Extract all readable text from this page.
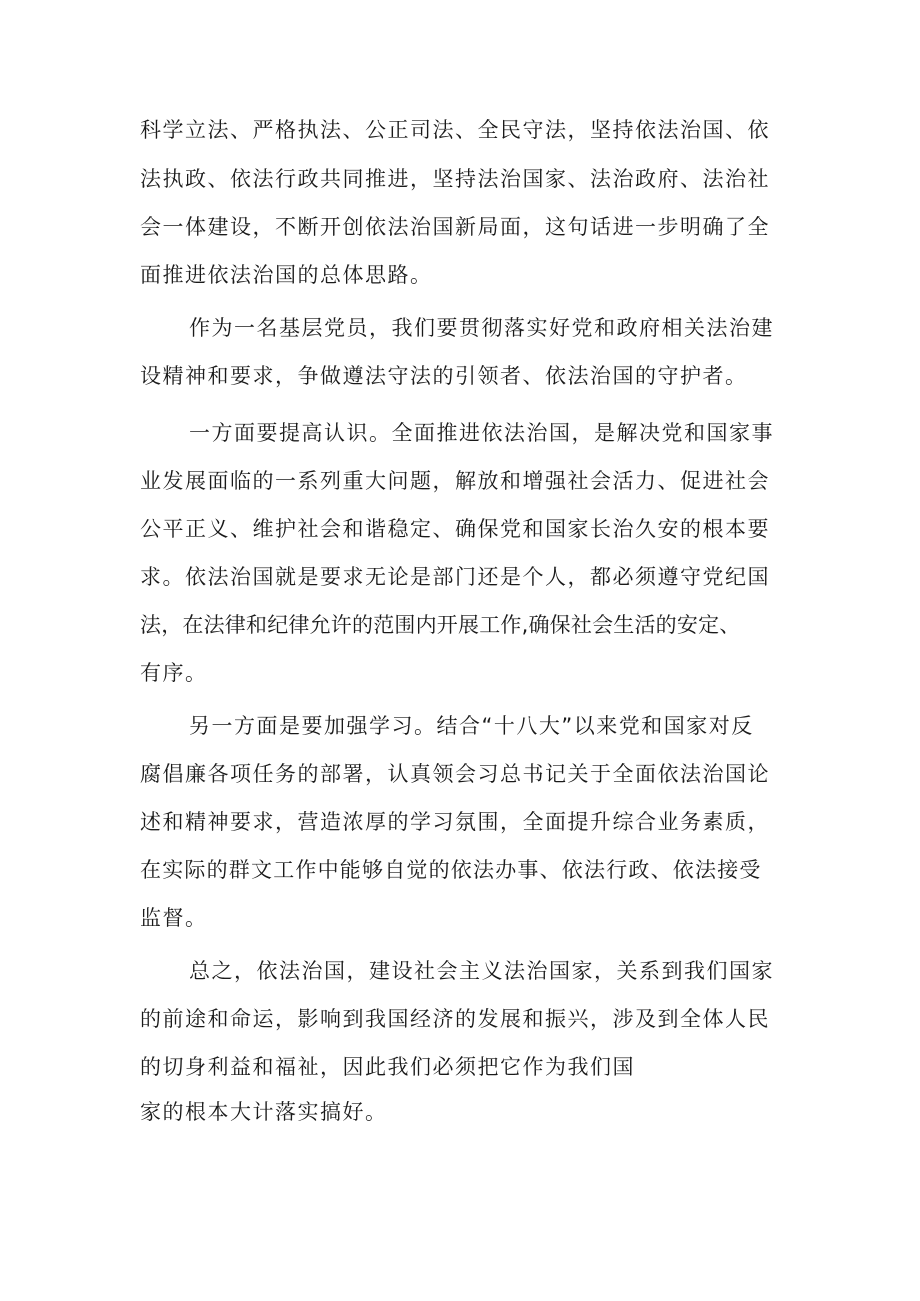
科学立法、严格执法、公正司法、全民守法，坚持依法治国、依
法执政、依法行政共同推进，坚持法治国家、法治政府、法治社
会一体建设，不断开创依法治国新局面，这句话进一步明确了全
面推进依法治国的总体思路。
作为一名基层党员，我们要贯彻落实好党和政府相关法治建
设精神和要求，争做遵法守法的引领者、依法治国的守护者。
一方面要提高认识。全面推进依法治国，是解决党和国家事
业发展面临的一系列重大问题，解放和增强社会活力、促进社会
公平正义、维护社会和谐稳定、确保党和国家长治久安的根本要
求。依法治国就是要求无论是部门还是个人，都必须遵守党纪国
法，在法律和纪律允许的范围内开展工作,确保社会生活的安定、
有序。
另一方面是要加强学习。结合“十八大”以来党和国家对反
腐倡廉各项任务的部署，认真领会习总书记关于全面依法治国论
述和精神要求，营造浓厚的学习氛围，全面提升综合业务素质，
在实际的群文工作中能够自觉的依法办事、依法行政、依法接受
监督。
总之，依法治国，建设社会主义法治国家，关系到我们国家
的前途和命运，影响到我国经济的发展和振兴，涉及到全体人民
的切身利益和福祉，因此我们必须把它作为我们国
家的根本大计落实搞好。
